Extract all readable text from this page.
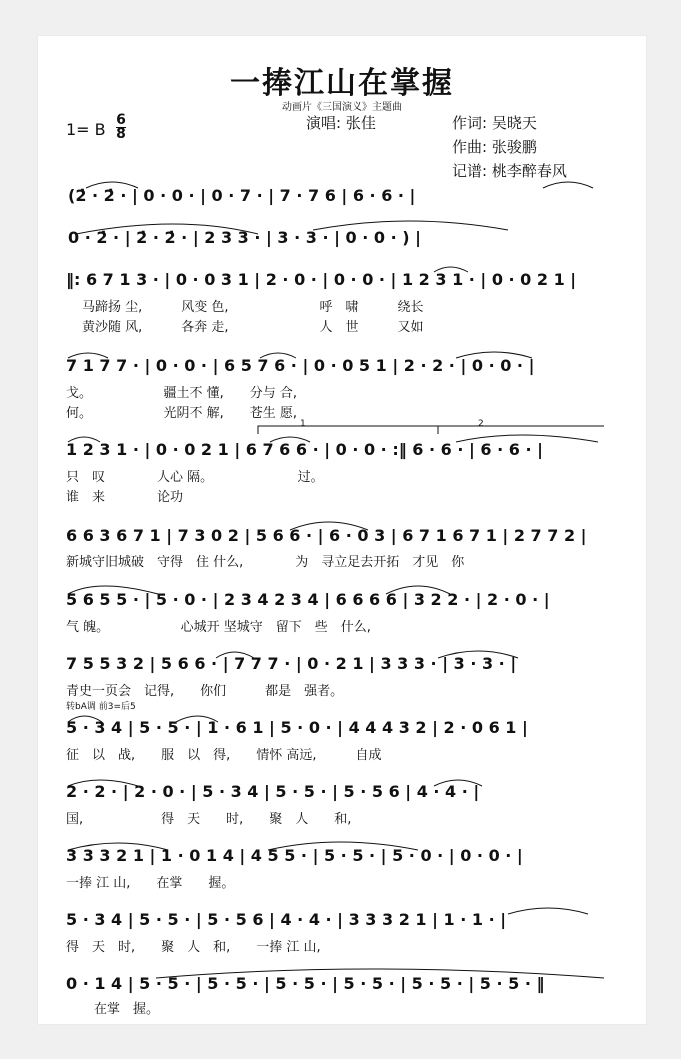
一捧江山在掌握
动画片《三国演义》主题曲
1= B 6
8
演唱: 张佳	作词: 吴晓天
作曲: 张骏鹏
记谱: 桃李醉春风
(2̇ · 2̇ · | 0 · 0 · | 0 · 7 · | 7 · 7 6 | 6 · 6 · |
0 · 2̇ · | 2̇ · 2̇ · | 2 3 3 · | 3 · 3 · | 0 · 0 · ) |
‖: 6 7 1 3 · | 0 · 0 3 1 | 2 · 0 · | 0 · 0 · | 1 2 3 1 · | 0 · 0 2 1 |
马蹄扬 尘,　　　风变 色,　　　　　　　呼　啸　　　绕长
黄沙随 风,　　　各奔 走,　　　　　　　人　世　　　又如
7 1 7 7 · | 0 · 0 · | 6 5 7 6 · | 0 · 0 5 1 | 2 · 2 · | 0 · 0 · |
戈。　　　　　　疆土不 懂,　　分与 合,
何。　　　　　　光阴不 解,　　苍生 愿,
1	2
1 2 3 1 · | 0 · 0 2 1 | 6 7 6 6 · | 0 · 0 · :‖ 6 · 6 · | 6 · 6 · |
只　叹　　　　人心 隔。　　　　　　　过。
谁　来　　　　论功
6 6 3 6 7 1 | 7 3 0 2 | 5 6 6 · | 6 · 0 3 | 6 7 1 6 7 1 | 2 7 7 2 |
新城守旧城破　守得　住 什么,　　　　为　寻立足去开拓　才见　你
5 6 5 5 · | 5 · 0 · | 2 3 4 2 3 4 | 6 6 6 6 | 3 2 2 · | 2 · 0 · |
气 魄。　　　　　　心城开 坚城守　留下　些　什么,
7 5 5 3 2 | 5 6 6 · | 7 7 7 · | 0 · 2 1 | 3 3 3 · | 3 · 3 · |
青史一页会　记得,　　你们　　　都是　强者。
转bA调 前3=后5
5 · 3 4 | 5 · 5 · | 1 · 6 1 | 5 · 0 · | 4 4 4 3 2 | 2 · 0 6 1 |
征　以　战,　　服　以　得,　　情怀 高远,　　　自成
2 · 2 · | 2 · 0 · | 5 · 3 4 | 5 · 5 · | 5 · 5 6 | 4 · 4 · |
国,　　　　　　得　天　　时,　　聚　人　　和,
3 3 3 2 1 | 1 · 0 1 4 | 4 5 5 · | 5 · 5 · | 5 · 0 · | 0 · 0 · |
一捧 江 山,　　在掌　　握。
5 · 3 4 | 5 · 5 · | 5 · 5 6 | 4 · 4 · | 3 3 3 2 1 | 1 · 1 · |
得　天　时,　　聚　人　和,　　一捧 江 山,
0 · 1 4 | 5 · 5 · | 5 · 5 · | 5 · 5 · | 5 · 5 · | 5 · 5 · | 5 · 5 · ‖
在掌　握。
